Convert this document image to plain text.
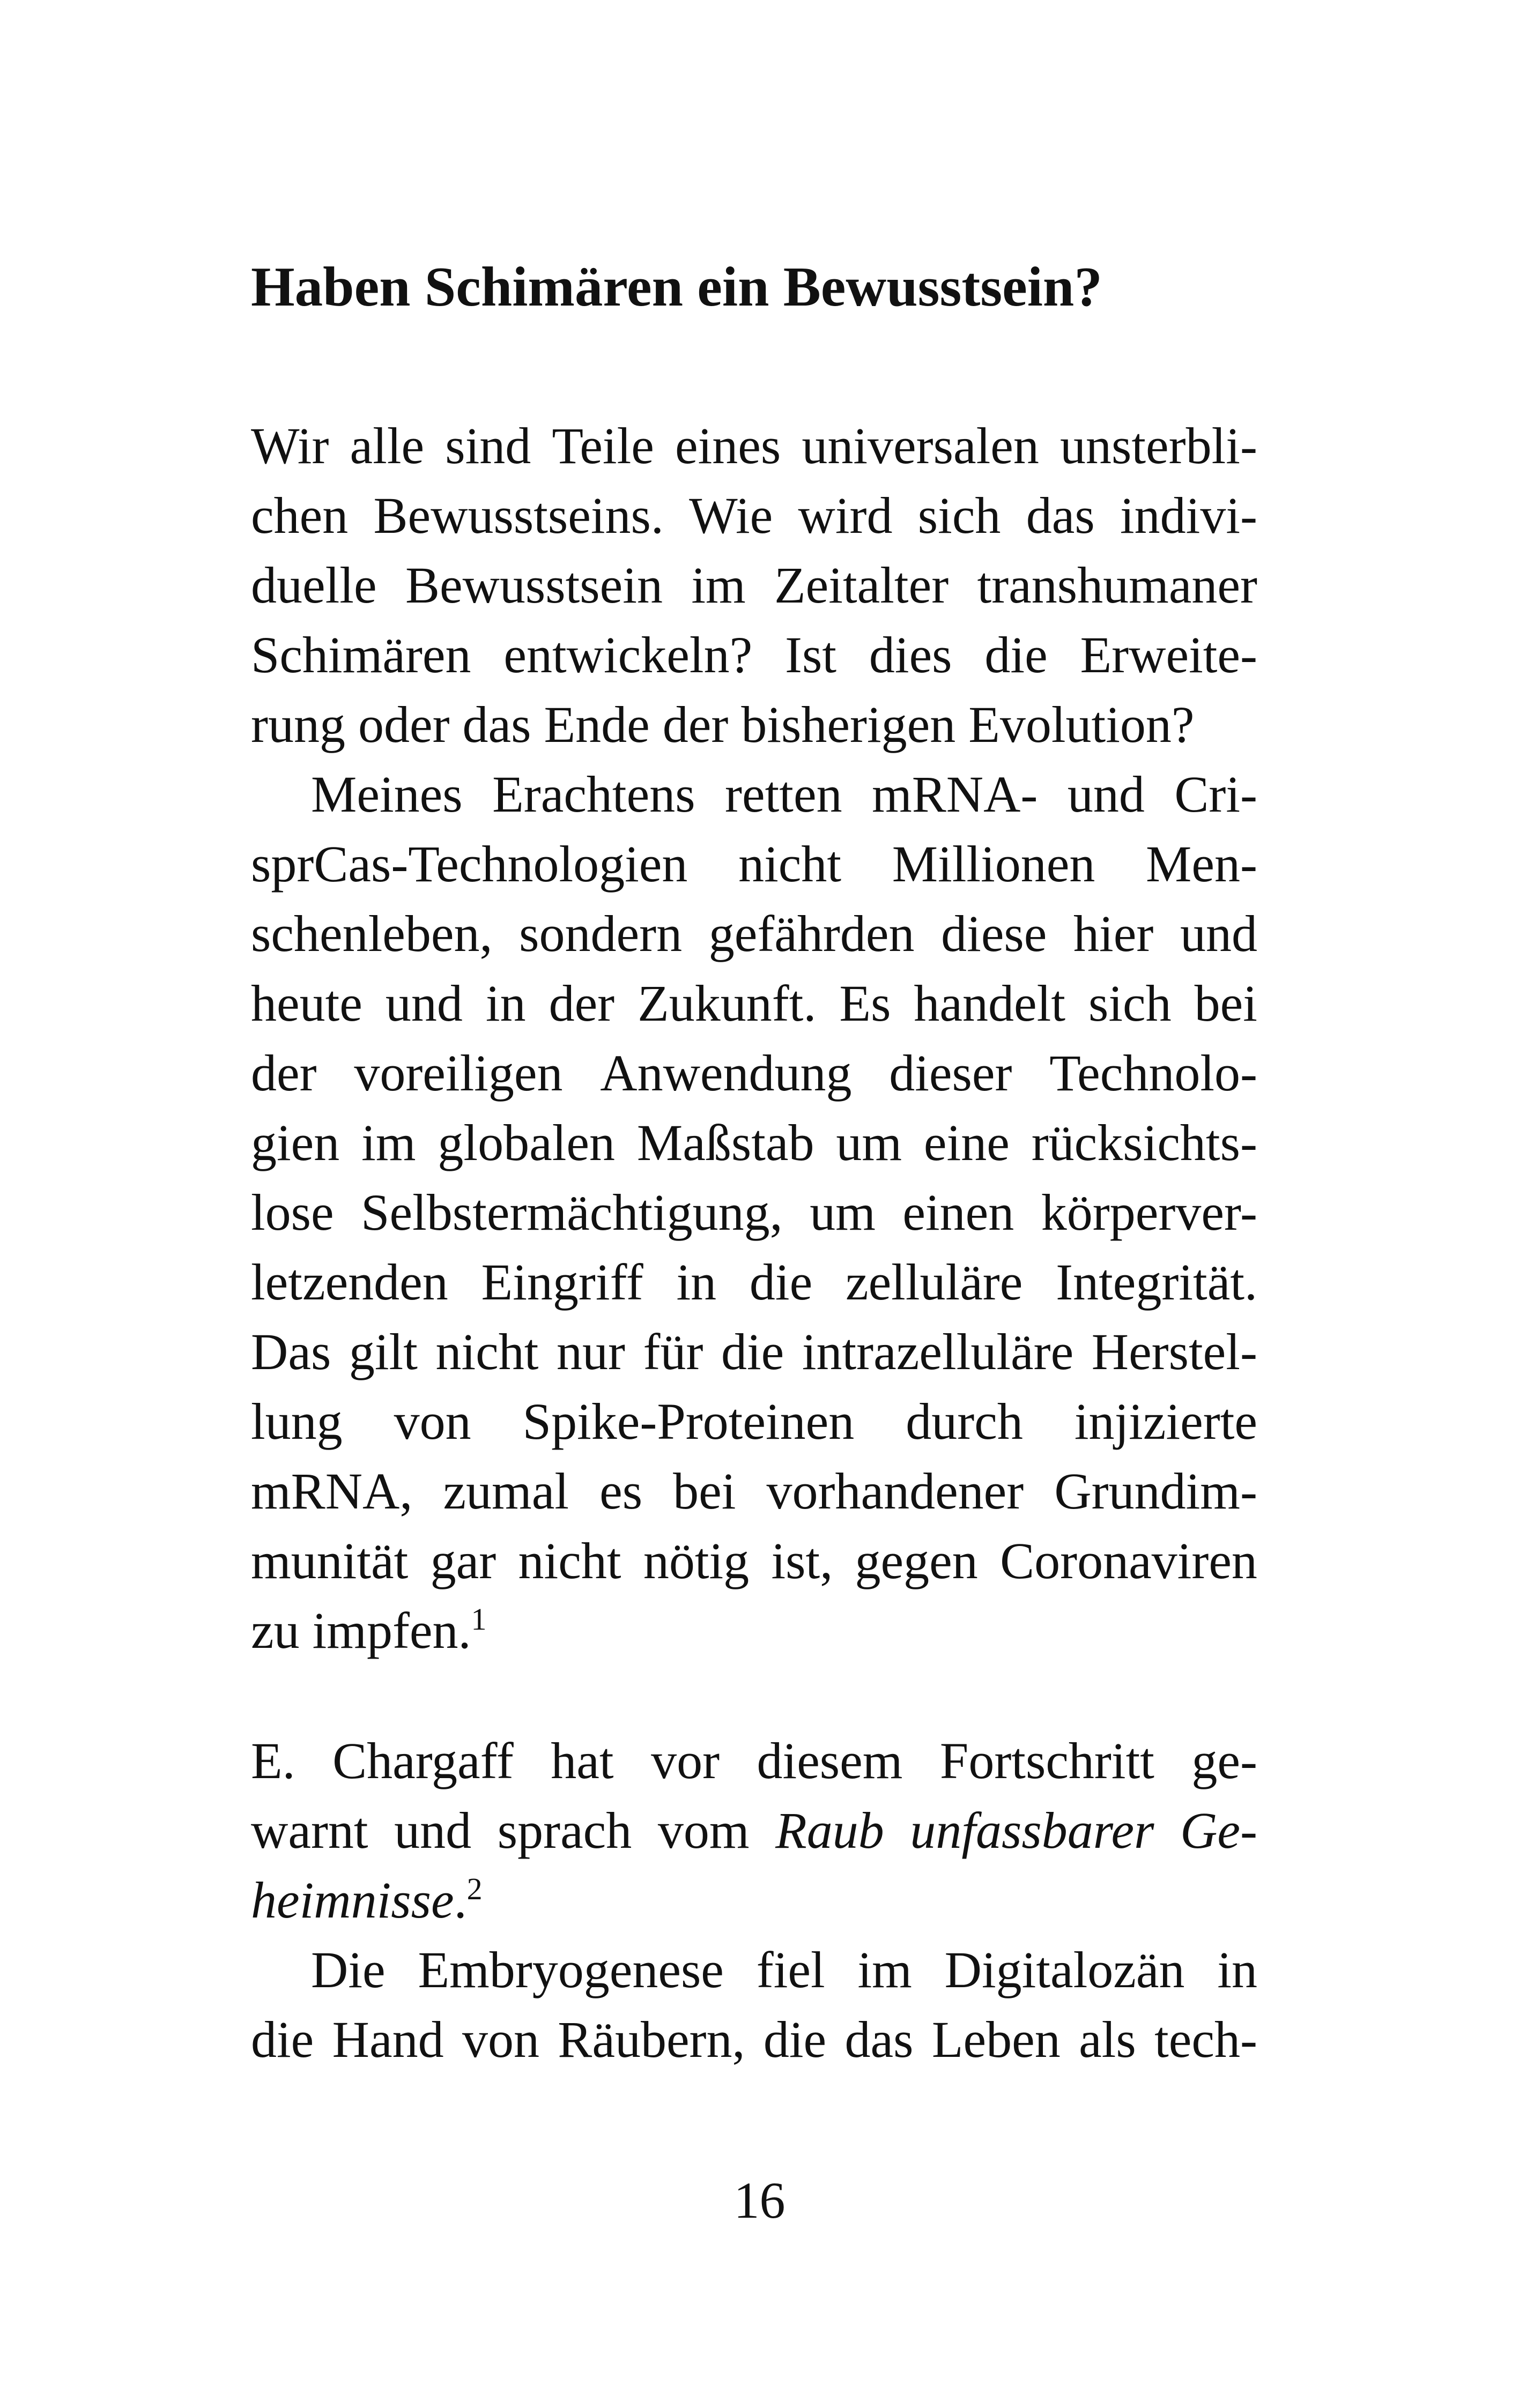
Haben Schimären ein Bewusstsein?
Wir alle sind Teile eines universalen unsterbli-
chen Bewusstseins. Wie wird sich das indivi-
duelle Bewusstsein im Zeitalter transhumaner
Schimären entwickeln? Ist dies die Erweite-
rung oder das Ende der bisherigen Evolution?
Meines Erachtens retten mRNA- und Cri-
sprCas-Technologien nicht Millionen Men-
schenleben, sondern gefährden diese hier und
heute und in der Zukunft. Es handelt sich bei
der voreiligen Anwendung dieser Technolo-
gien im globalen Maßstab um eine rücksichts-
lose Selbstermächtigung, um einen körperver-
letzenden Eingriff in die zelluläre Integrität.
Das gilt nicht nur für die intrazelluläre Herstel-
lung von Spike-Proteinen durch injizierte
mRNA, zumal es bei vorhandener Grundim-
munität gar nicht nötig ist, gegen Coronaviren
zu impfen.$^1$
E. Chargaff hat vor diesem Fortschritt ge-
warnt und sprach vom Raub unfassbarer Ge-
heimnisse.$^2$
Die Embryogenese fiel im Digitalozän in
die Hand von Räubern, die das Leben als tech-
16
